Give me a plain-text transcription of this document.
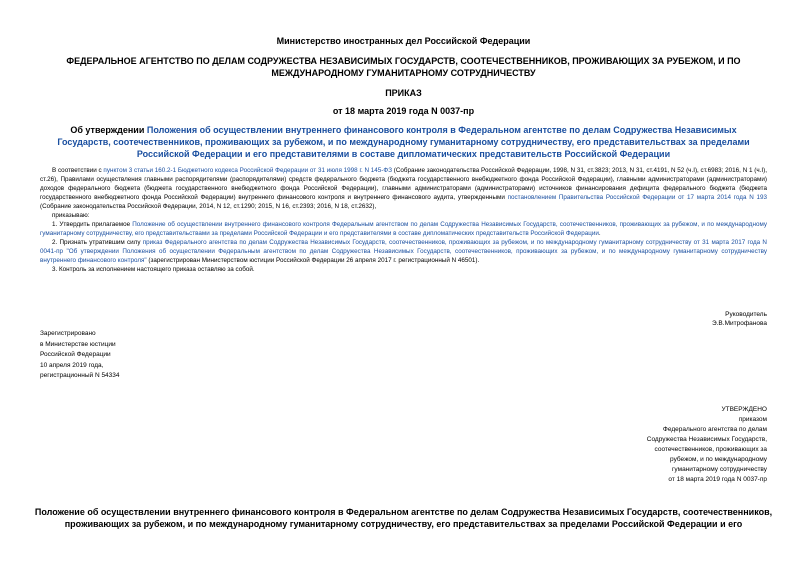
Министерство иностранных дел Российской Федерации
ФЕДЕРАЛЬНОЕ АГЕНТСТВО ПО ДЕЛАМ СОДРУЖЕСТВА НЕЗАВИСИМЫХ ГОСУДАРСТВ, СООТЕЧЕСТВЕННИКОВ, ПРОЖИВАЮЩИХ ЗА РУБЕЖОМ, И ПО МЕЖДУНАРОДНОМУ ГУМАНИТАРНОМУ СОТРУДНИЧЕСТВУ
ПРИКАЗ
от 18 марта 2019 года N 0037-пр
Об утверждении Положения об осуществлении внутреннего финансового контроля в Федеральном агентстве по делам Содружества Независимых Государств, соотечественников, проживающих за рубежом, и по международному гуманитарному сотрудничеству, его представительствах за пределами Российской Федерации и его представителями в составе дипломатических представительств Российской Федерации

В соответствии с пунктом 3 статьи 160.2-1 Бюджетного кодекса Российской Федерации от 31 июля 1998 г. N 145-ФЗ (Собрание законодательства Российской Федерации, 1998, N 31, ст.3823; 2013, N 31, ст.4191, N 52 (ч.I), ст.6983; 2016, N 1 (ч.I), ст.26), Правилами осуществления главными распорядителями (распорядителями) средств федерального бюджета (бюджета государственного внебюджетного фонда Российской Федерации), главными администраторами (администраторами) доходов федерального бюджета (бюджета государственного внебюджетного фонда Российской Федерации), главными администраторами (администраторами) источников финансирования дефицита федерального бюджета (бюджета государственного внебюджетного фонда Российской Федерации) внутреннего финансового контроля и внутреннего финансового аудита, утвержденными постановлением Правительства Российской Федерации от 17 марта 2014 года N 193 (Собрание законодательства Российской Федерации, 2014, N 12, ст.1290; 2015, N 16, ст.2393; 2016, N 18, ст.2632),

приказываю:

1. Утвердить прилагаемое Положение об осуществлении внутреннего финансового контроля Федеральным агентством по делам Содружества Независимых Государств, соотечественников, проживающих за рубежом, и по международному гуманитарному сотрудничеству, его представительствами за пределами Российской Федерации и его представителями в составе дипломатических представительств Российской Федерации.

2. Признать утратившим силу приказ Федерального агентства по делам Содружества Независимых Государств, соотечественников, проживающих за рубежом, и по международному гуманитарному сотрудничеству от 31 марта 2017 года N 0041-пр "Об утверждении Положения об осуществлении Федеральным агентством по делам Содружества Независимых Государств, соотечественников, проживающих за рубежом, и по международному гуманитарному сотрудничеству внутреннего финансового контроля" (зарегистрирован Министерством юстиции Российской Федерации 26 апреля 2017 г. регистрационный N 46501).

3. Контроль за исполнением настоящего приказа оставляю за собой.

Руководитель
Э.В.Митрофанова
Зарегистрировано
в Министерстве юстиции
Российской Федерации
10 апреля 2019 года,
регистрационный N 54334
УТВЕРЖДЕНО
приказом
Федерального агентства по делам
Содружества Независимых Государств,
соотечественников, проживающих за
рубежом, и по международному
гуманитарному сотрудничеству
от 18 марта 2019 года N 0037-пр
Положение об осуществлении внутреннего финансового контроля в Федеральном агентстве по делам Содружества Независимых Государств, соотечественников, проживающих за рубежом, и по международному гуманитарному сотрудничеству, его представительствах за пределами Российской Федерации и его
